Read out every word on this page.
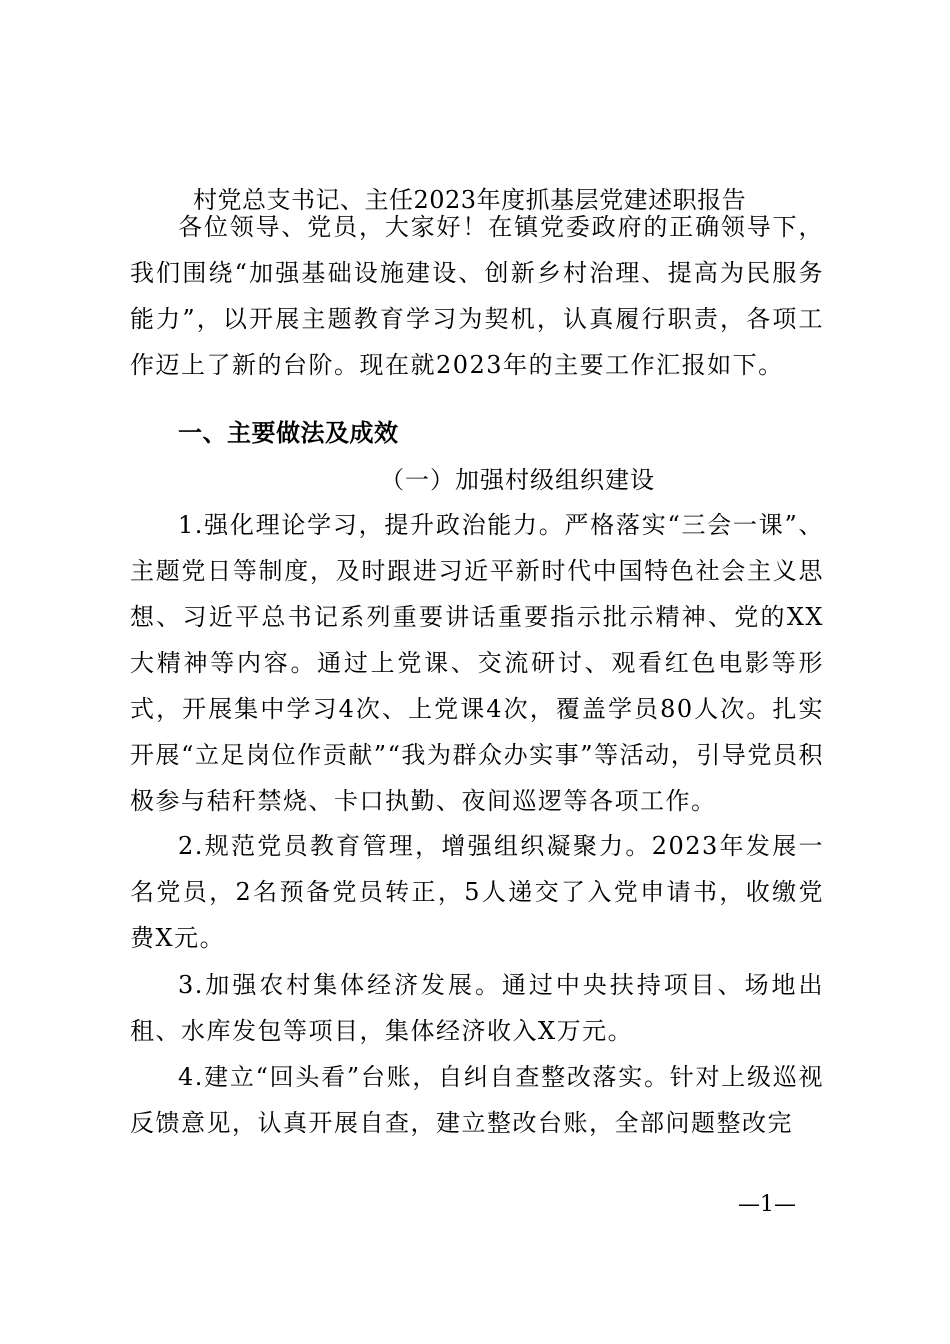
村党总支书记、主任2023年度抓基层党建述职报告

各位领导、党员，大家好！在镇党委政府的正确领导下，我们围绕“加强基础设施建设、创新乡村治理、提高为民服务能力”，以开展主题教育学习为契机，认真履行职责，各项工作迈上了新的台阶。现在就2023年的主要工作汇报如下。

一、主要做法及成效
（一）加强村级组织建设

1.强化理论学习，提升政治能力。严格落实“三会一课”、主题党日等制度，及时跟进习近平新时代中国特色社会主义思想、习近平总书记系列重要讲话重要指示批示精神、党的XX大精神等内容。通过上党课、交流研讨、观看红色电影等形式，开展集中学习4次、上党课4次，覆盖学员80人次。扎实开展“立足岗位作贡献”“我为群众办实事”等活动，引导党员积极参与秸秆禁烧、卡口执勤、夜间巡逻等各项工作。

2.规范党员教育管理，增强组织凝聚力。2023年发展一名党员，2名预备党员转正，5人递交了入党申请书，收缴党费X元。

3.加强农村集体经济发展。通过中央扶持项目、场地出租、水库发包等项目，集体经济收入X万元。

4.建立“回头看”台账，自纠自查整改落实。针对上级巡视反馈意见，认真开展自查，建立整改台账，全部问题整改完

—1—
